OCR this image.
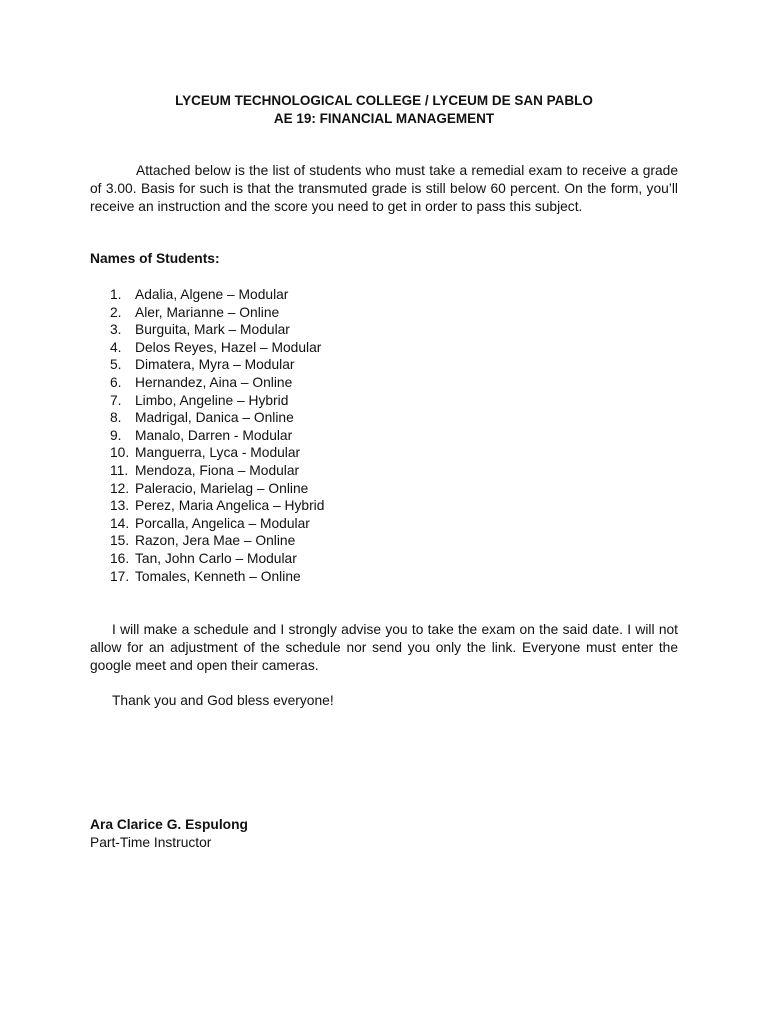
LYCEUM TECHNOLOGICAL COLLEGE / LYCEUM DE SAN PABLO
AE 19: FINANCIAL MANAGEMENT
Attached below is the list of students who must take a remedial exam to receive a grade of 3.00. Basis for such is that the transmuted grade is still below 60 percent. On the form, you’ll receive an instruction and the score you need to get in order to pass this subject.
Names of Students:
1. Adalia, Algene – Modular
2. Aler, Marianne – Online
3. Burguita, Mark – Modular
4. Delos Reyes, Hazel – Modular
5. Dimatera, Myra – Modular
6. Hernandez, Aina – Online
7. Limbo, Angeline – Hybrid
8. Madrigal, Danica – Online
9. Manalo, Darren - Modular
10. Manguerra, Lyca - Modular
11. Mendoza, Fiona – Modular
12. Paleracio, Marielag – Online
13. Perez, Maria Angelica – Hybrid
14. Porcalla, Angelica – Modular
15. Razon, Jera Mae – Online
16. Tan, John Carlo – Modular
17. Tomales, Kenneth – Online
I will make a schedule and I strongly advise you to take the exam on the said date. I will not allow for an adjustment of the schedule nor send you only the link. Everyone must enter the google meet and open their cameras.
Thank you and God bless everyone!
Ara Clarice G. Espulong
Part-Time Instructor
